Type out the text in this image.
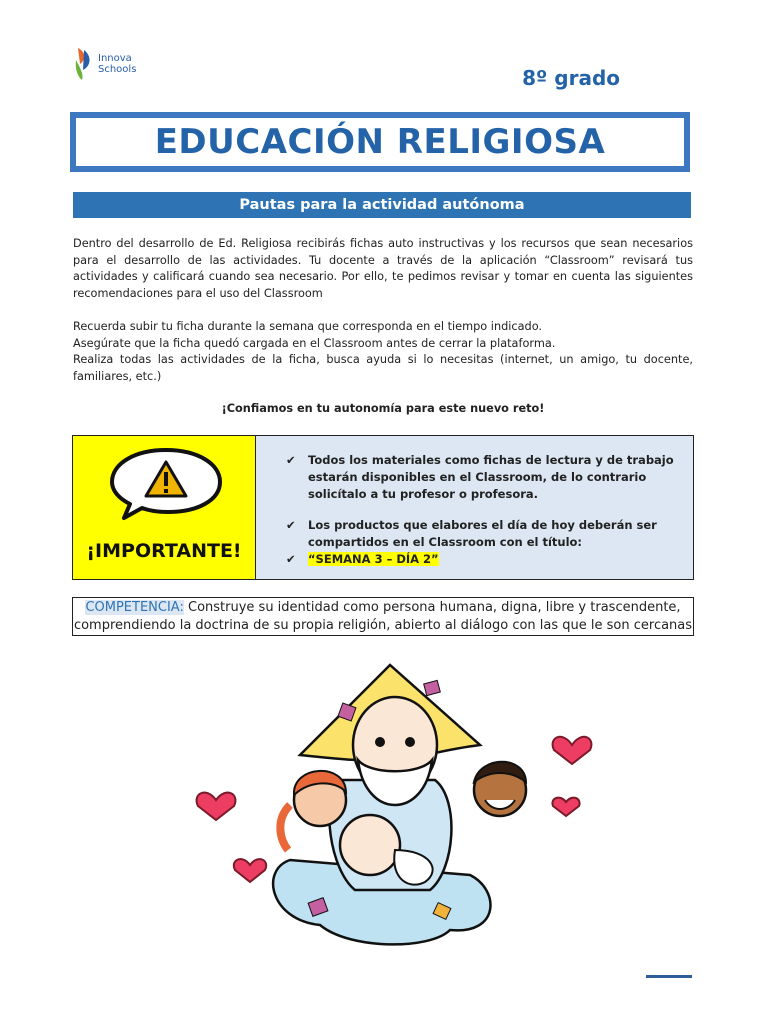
Innova
Schools	8º grado
EDUCACIÓN RELIGIOSA
Pautas para la actividad autónoma

Dentro del desarrollo de Ed. Religiosa recibirás fichas auto instructivas y los recursos que sean necesarios para el desarrollo de las actividades. Tu docente a través de la aplicación “Classroom” revisará tus actividades y calificará cuando sea necesario. Por ello, te pedimos revisar y tomar en cuenta las siguientes recomendaciones para el uso del Classroom

Recuerda subir tu ficha durante la semana que corresponda en el tiempo indicado.

Asegúrate que la ficha quedó cargada en el Classroom antes de cerrar la plataforma.

Realiza todas las actividades de la ficha, busca ayuda si lo necesitas (internet, un amigo, tu docente, familiares, etc.)

¡Confiamos en tu autonomía para este nuevo reto!
¡IMPORTANTE!
✔ Todos los materiales como fichas de lectura y de trabajo estarán disponibles en el Classroom, de lo contrario solicítalo a tu profesor o profesora.
✔ Los productos que elabores el día de hoy deberán ser compartidos en el Classroom con el título:
✔ “SEMANA 3 – DÍA 2”
COMPETENCIA: Construye su identidad como persona humana, digna, libre y trascendente, comprendiendo la doctrina de su propia religión, abierto al diálogo con las que le son cercanas
